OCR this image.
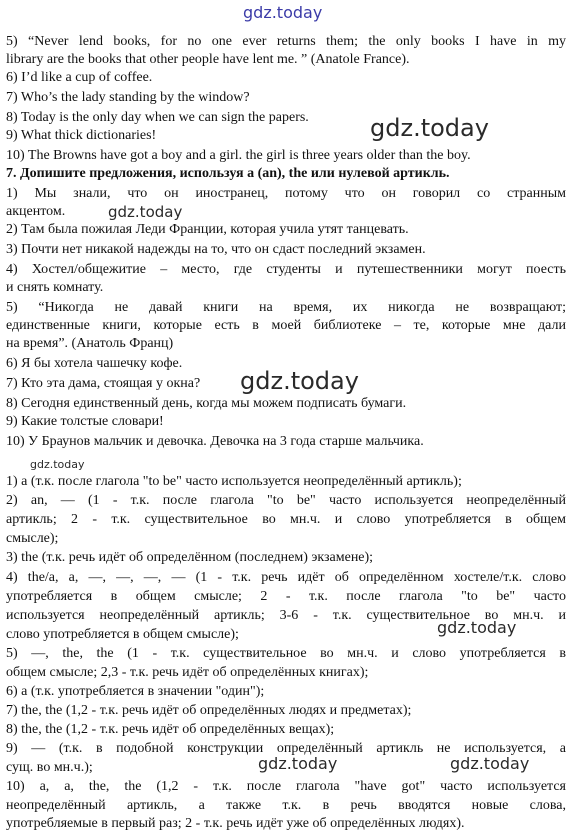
gdz.today
5) “Never lend books, for no one ever returns them; the only books I have in my
library are the books that other people have lent me. ” (Anatole France).
6) I’d like a cup of coffee.
7) Who’s the lady standing by the window?
8) Today is the only day when we can sign the papers.
9) What thick dictionaries!
10) The Browns have got a boy and a girl. the girl is three years older than the boy.
gdz.today
7. Допишите предложения, используя a (an), the или нулевой артикль.
1) Мы знали, что он иностранец, потому что он говорил со странным
акцентом.
2) Там была пожилая Леди Франции, которая учила утят танцевать.
3) Почти нет никакой надежды на то, что он сдаст последний экзамен.
4) Хостел/общежитие – место, где студенты и путешественники могут поесть
и снять комнату.
5) “Никогда не давай книги на время, их никогда не возвращают;
единственные книги, которые есть в моей библиотеке – те, которые мне дали
на время”. (Анатоль Франц)
6) Я бы хотела чашечку кофе.
7) Кто эта дама, стоящая у окна?
8) Сегодня единственный день, когда мы можем подписать бумаги.
9) Какие толстые словари!
10) У Браунов мальчик и девочка. Девочка на 3 года старше мальчика.
gdz.today
gdz.today
gdz.today
1) a (т.к. после глагола "to be" часто используется неопределённый артикль);
2) an, — (1 - т.к. после глагола "to be" часто используется неопределённый
артикль; 2 - т.к. существительное во мн.ч. и слово употребляется в общем
смысле);
3) the (т.к. речь идёт об определённом (последнем) экзамене);
4) the/a, a, —, —, —, — (1 - т.к. речь идёт об определённом хостеле/т.к. слово
употребляется в общем смысле; 2 - т.к. после глагола "to be" часто
используется неопределённый артикль; 3-6 - т.к. существительное во мн.ч. и
слово употребляется в общем смысле);
5) —, the, the (1 - т.к. существительное во мн.ч. и слово употребляется в
общем смысле; 2,3 - т.к. речь идёт об определённых книгах);
6) a (т.к. употребляется в значении "один");
7) the, the (1,2 - т.к. речь идёт об определённых людях и предметах);
8) the, the (1,2 - т.к. речь идёт об определённых вещах);
9) — (т.к. в подобной конструкции определённый артикль не используется, а
сущ. во мн.ч.);
10) a, a, the, the (1,2 - т.к. после глагола "have got" часто используется
неопределённый артикль, а также т.к. в речь вводятся новые слова,
употребляемые в первый раз; 2 - т.к. речь идёт уже об определённых людях).
gdz.today
gdz.today	gdz.today
